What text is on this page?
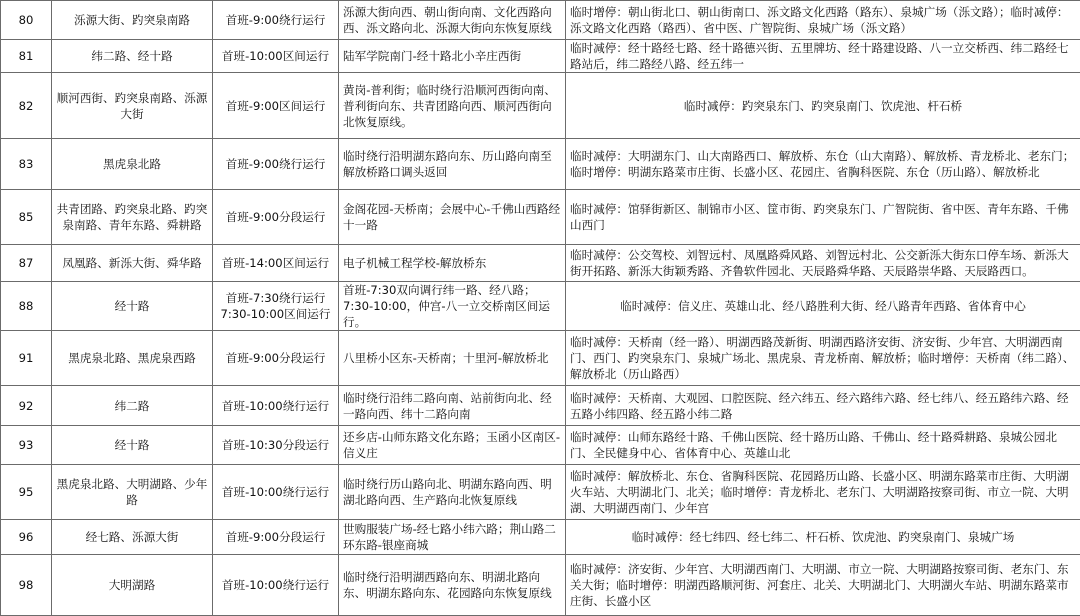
80	泺源大街、趵突泉南路	首班-9:00绕行运行	泺源大街向西、朝山街向南、文化西路向西、泺文路向北、泺源大街向东恢复原线	临时增停：朝山街北口、朝山街南口、泺文路文化西路（路东）、泉城广场（泺文路）；临时减停：泺文路文化西路（路西）、省中医、广智院街、泉城广场（泺文路）
81	纬二路、经十路	首班-10:00区间运行	陆军学院南门-经十路北小辛庄西街	临时减停：经十路经七路、经十路德兴街、五里牌坊、经十路建设路、八一立交桥西、纬二路经七路站后，纬二路经八路、经五纬一
82	顺河西街、趵突泉南路、泺源大街	首班-9:00区间运行	黄岗-普利街；临时绕行沿顺河西街向南、普利街向东、共青团路向西、顺河西街向北恢复原线。	临时减停：趵突泉东门、趵突泉南门、饮虎池、杆石桥
83	黑虎泉北路	首班-9:00绕行运行	临时绕行沿明湖东路向东、历山路向南至解放桥路口调头返回	临时减停：大明湖东门、山大南路西口、解放桥、东仓（山大南路）、解放桥、青龙桥北、老东门；临时增停：明湖东路菜市庄街、长盛小区、花园庄、省胸科医院、东仓（历山路）、解放桥北
85	共青团路、趵突泉北路、趵突泉南路、青年东路、舜耕路	首班-9:00分段运行	金阁花园-天桥南；会展中心-千佛山西路经十一路	临时减停：馆驿街新区、制锦市小区、筐市街、趵突泉东门、广智院街、省中医、青年东路、千佛山西门
87	凤凰路、新泺大街、舜华路	首班-14:00区间运行	电子机械工程学校-解放桥东	临时减停：公交驾校、刘智远村、凤凰路舜风路、刘智远村北、公交新泺大街东口停车场、新泺大街开拓路、新泺大街颖秀路、齐鲁软件园北、天辰路舜华路、天辰路崇华路、天辰路西口。
88	经十路	首班-7:30绕行运行 7:30-10:00区间运行	首班-7:30双向调行纬一路、经八路；7:30-10:00，仲宫-八一立交桥南区间运行。	临时减停：信义庄、英雄山北、经八路胜利大街、经八路青年西路、省体育中心
91	黑虎泉北路、黑虎泉西路	首班-9:00分段运行	八里桥小区东-天桥南；十里河-解放桥北	临时减停：天桥南（经一路）、明湖西路茂新街、明湖西路济安街、济安街、少年宫、大明湖西南门、西门、趵突泉东门、泉城广场北、黑虎泉、青龙桥南、解放桥；临时增停：天桥南（纬二路）、解放桥北（历山路西）
92	纬二路	首班-10:00绕行运行	临时绕行沿纬二路向南、站前街向北、经一路向西、纬十二路向南	临时减停：天桥南、大观园、口腔医院、经六纬五、经六路纬六路、经七纬八、经五路纬六路、经五路小纬四路、经五路小纬二路
93	经十路	首班-10:30分段运行	还乡店-山师东路文化东路；玉函小区南区-信义庄	临时减停：山师东路经十路、千佛山医院、经十路历山路、千佛山、经十路舜耕路、泉城公园北门、全民健身中心、省体育中心、英雄山北
95	黑虎泉北路、大明湖路、少年路	首班-10:00绕行运行	临时绕行历山路向北、明湖东路向西、明湖北路向西、生产路向北恢复原线	临时减停：解放桥北、东仓、省胸科医院、花园路历山路、长盛小区、明湖东路菜市庄街、大明湖火车站、大明湖北门、北关；临时增停：青龙桥北、老东门、大明湖路按察司街、市立一院、大明湖、大明湖西南门、少年宫
96	经七路、泺源大街	首班-9:00分段运行	世购服装广场-经七路小纬六路；荆山路二环东路-银座商城	临时减停：经七纬四、经七纬二、杆石桥、饮虎池、趵突泉南门、泉城广场
98	大明湖路	首班-10:00绕行运行	临时绕行沿明湖西路向东、明湖北路向东、明湖东路向东、花园路向东恢复原线	临时减停：济安街、少年宫、大明湖西南门、大明湖、市立一院、大明湖路按察司街、老东门、东关大街；临时增停：明湖西路顺河街、河套庄、北关、大明湖北门、大明湖火车站、明湖东路菜市庄街、长盛小区
